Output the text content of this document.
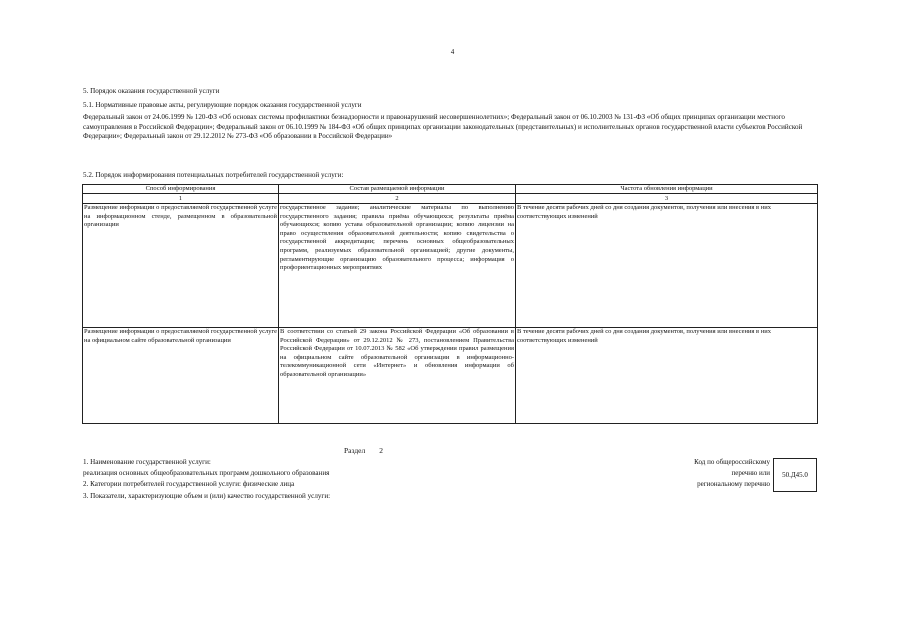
4
5. Порядок оказания государственной услуги
5.1. Нормативные правовые акты, регулирующие порядок оказания государственной услуги
Федеральный закон от 24.06.1999 № 120-ФЗ «Об основах системы профилактики безнадзорности и правонарушений несовершеннолетних»; Федеральный закон от 06.10.2003 № 131-ФЗ «Об общих принципах организации местного самоуправления в Российской Федерации»; Федеральный закон от 06.10.1999 № 184-ФЗ «Об общих принципах организации законодательных (представительных) и исполнительных органов государственной власти субъектов Российской Федерации»; Федеральный закон от 29.12.2012 № 273-ФЗ «Об образовании в Российской Федерации»
5.2. Порядок информирования потенциальных потребителей государственной услуги:
Способ информирования	Состав размещаемой информации	Частота обновления информации
1	2	3
Размещение информации о предоставляемой государственной услуге на информационном стенде, размещенном в образовательной организации	государственное задание; аналитические материалы по выполнению государственного задания; правила приёма обучающихся; результаты приёма обучающихся; копию устава образовательной организации; копию лицензии на право осуществления образовательной деятельности; копию свидетельства о государственной аккредитации; перечень основных общеобразовательных программ, реализуемых образовательной организацией; другие документы, регламентирующие организацию образовательного процесса; информация о профориентационных мероприятиях	В течение десяти рабочих дней со дня создания документов, получения или внесения в них соответствующих изменений
Размещение информации о предоставляемой государственной услуге на официальном сайте образовательной организации	В соответствии со статьей 29 закона Российской Федерации «Об образовании в Российской Федерации» от 29.12.2012 № 273, постановлением Правительства Российской Федерации от 10.07.2013 № 582 «Об утверждении правил размещения на официальном сайте образовательной организации в информационно-телекоммуникационной сети «Интернет» и обновления информации об образовательной организации»	В течение десяти рабочих дней со дня создания документов, получения или внесения в них соответствующих изменений
Раздел 2
1. Наименование государственной услуги:
реализация основных общеобразовательных программ дошкольного образования
2. Категории потребителей государственной услуги: физические лица
3. Показатели, характеризующие объем и (или) качество государственной услуги:
Код по общероссийскому
перечню или
региональному перечню
50.Д45.0
